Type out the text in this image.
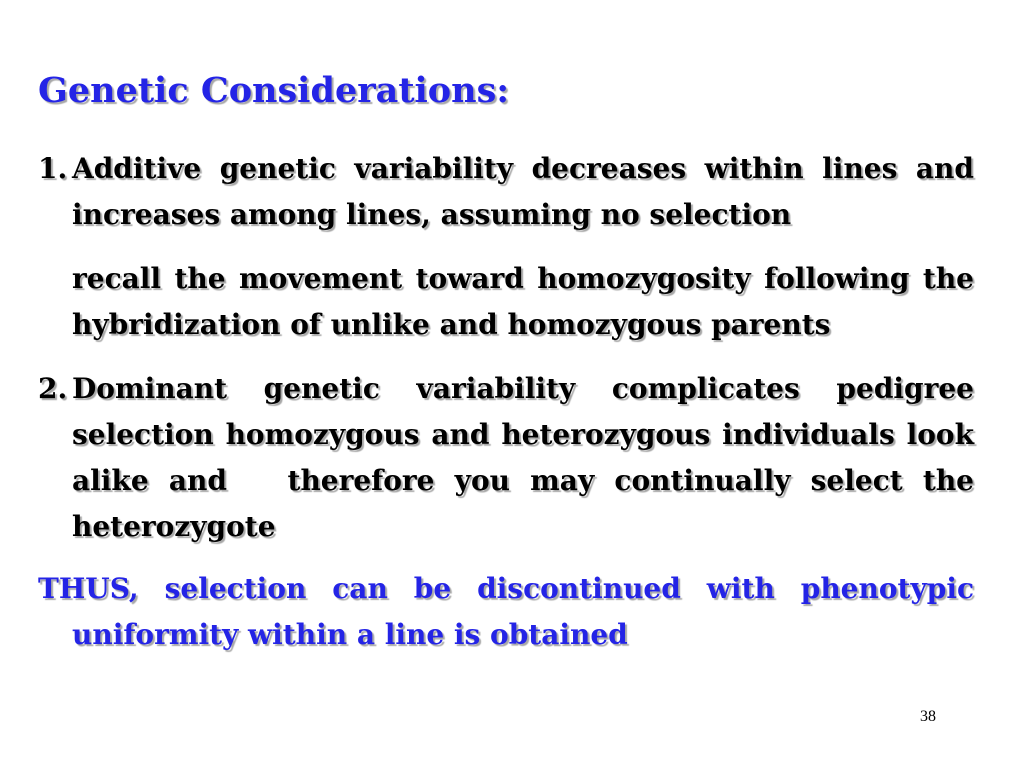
Genetic Considerations:
1. Additive genetic variability decreases within lines and increases among lines, assuming no selection
recall the movement toward homozygosity following the hybridization of unlike and homozygous parents
2. Dominant genetic variability complicates pedigree selection homozygous and heterozygous individuals look alike and   therefore you may continually select the heterozygote
THUS, selection can be discontinued with phenotypic uniformity within a line is obtained
38
